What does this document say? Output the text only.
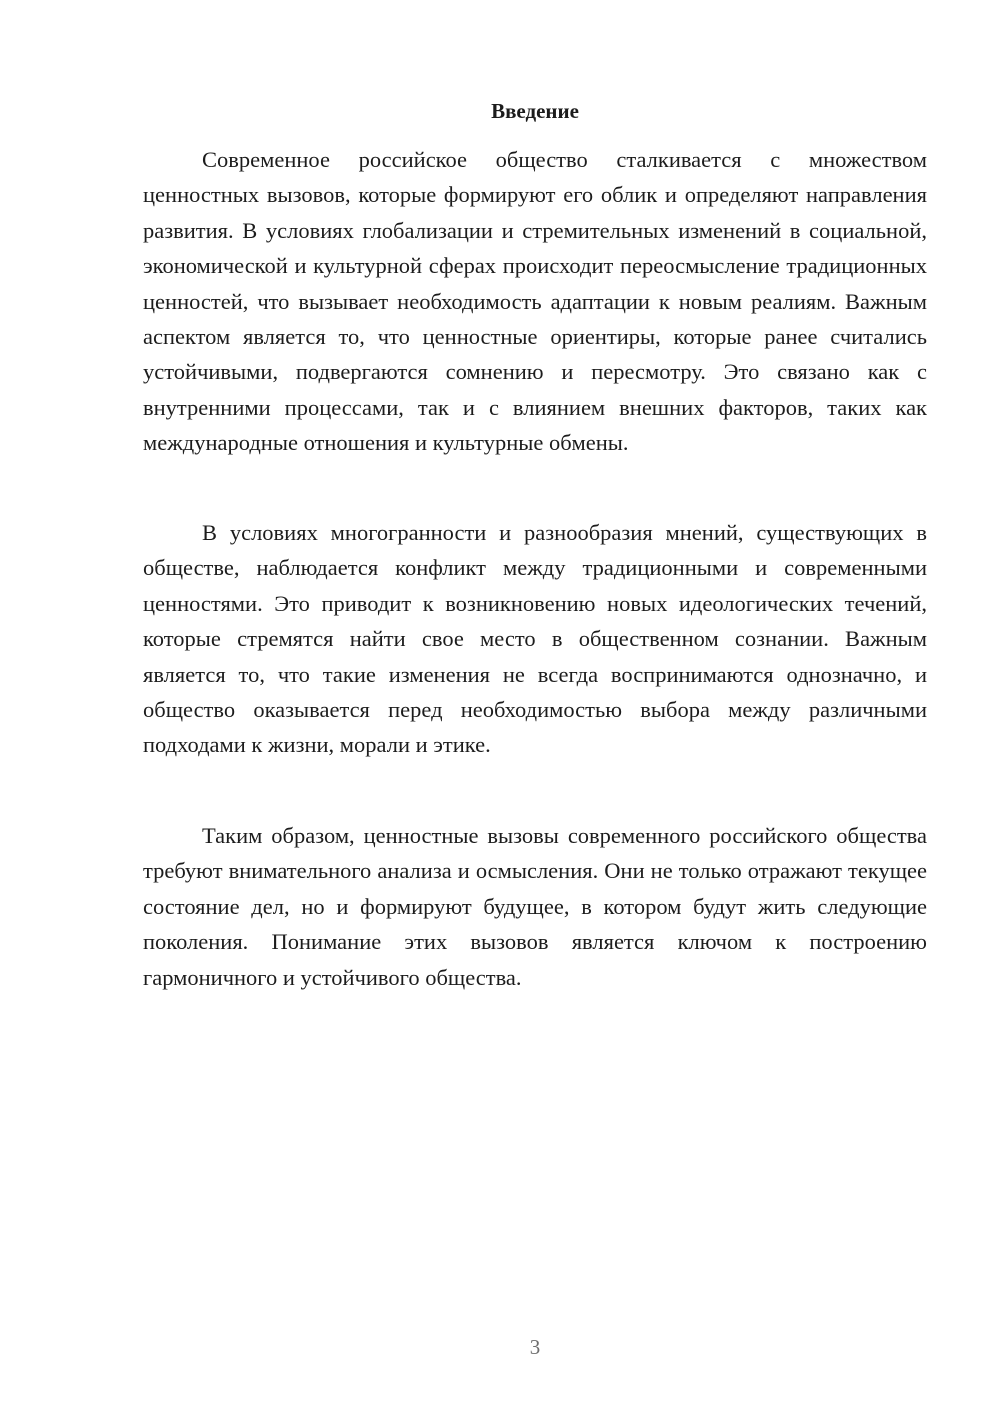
Введение

Современное российское общество сталкивается с множеством ценностных вызовов, которые формируют его облик и определяют направления развития. В условиях глобализации и стремительных изменений в социальной, экономической и культурной сферах происходит переосмысление традиционных ценностей, что вызывает необходимость адаптации к новым реалиям. Важным аспектом является то, что ценностные ориентиры, которые ранее считались устойчивыми, подвергаются сомнению и пересмотру. Это связано как с внутренними процессами, так и с влиянием внешних факторов, таких как международные отношения и культурные обмены.

В условиях многогранности и разнообразия мнений, существующих в обществе, наблюдается конфликт между традиционными и современными ценностями. Это приводит к возникновению новых идеологических течений, которые стремятся найти свое место в общественном сознании. Важным является то, что такие изменения не всегда воспринимаются однозначно, и общество оказывается перед необходимостью выбора между различными подходами к жизни, морали и этике.

Таким образом, ценностные вызовы современного российского общества требуют внимательного анализа и осмысления. Они не только отражают текущее состояние дел, но и формируют будущее, в котором будут жить следующие поколения. Понимание этих вызовов является ключом к построению гармоничного и устойчивого общества.

3
